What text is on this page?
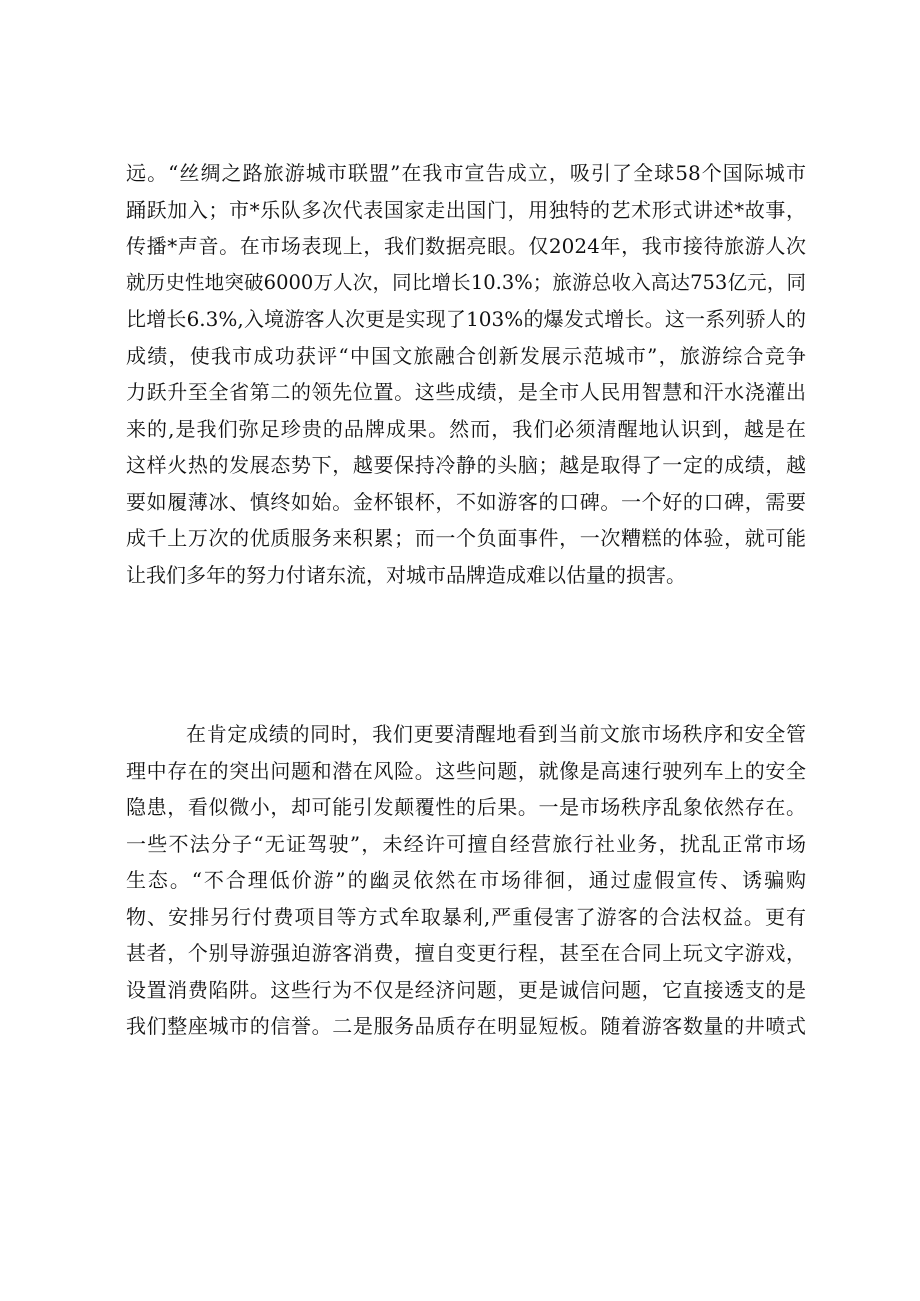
远。“丝绸之路旅游城市联盟”在我市宣告成立，吸引了全球58个国际城市
踊跃加入；市*乐队多次代表国家走出国门，用独特的艺术形式讲述*故事，
传播*声音。在市场表现上，我们数据亮眼。仅2024年，我市接待旅游人次
就历史性地突破6000万人次，同比增长10.3%；旅游总收入高达753亿元，同
比增长6.3%,入境游客人次更是实现了103%的爆发式增长。这一系列骄人的
成绩，使我市成功获评“中国文旅融合创新发展示范城市”，旅游综合竞争
力跃升至全省第二的领先位置。这些成绩，是全市人民用智慧和汗水浇灌出
来的,是我们弥足珍贵的品牌成果。然而，我们必须清醒地认识到，越是在
这样火热的发展态势下，越要保持冷静的头脑；越是取得了一定的成绩，越
要如履薄冰、慎终如始。金杯银杯，不如游客的口碑。一个好的口碑，需要
成千上万次的优质服务来积累；而一个负面事件，一次糟糕的体验，就可能
让我们多年的努力付诸东流，对城市品牌造成难以估量的损害。
在肯定成绩的同时，我们更要清醒地看到当前文旅市场秩序和安全管
理中存在的突出问题和潜在风险。这些问题，就像是高速行驶列车上的安全
隐患，看似微小，却可能引发颠覆性的后果。一是市场秩序乱象依然存在。
一些不法分子“无证驾驶”，未经许可擅自经营旅行社业务，扰乱正常市场
生态。“不合理低价游”的幽灵依然在市场徘徊，通过虚假宣传、诱骗购
物、安排另行付费项目等方式牟取暴利,严重侵害了游客的合法权益。更有
甚者，个别导游强迫游客消费，擅自变更行程，甚至在合同上玩文字游戏，
设置消费陷阱。这些行为不仅是经济问题，更是诚信问题，它直接透支的是
我们整座城市的信誉。二是服务品质存在明显短板。随着游客数量的井喷式
